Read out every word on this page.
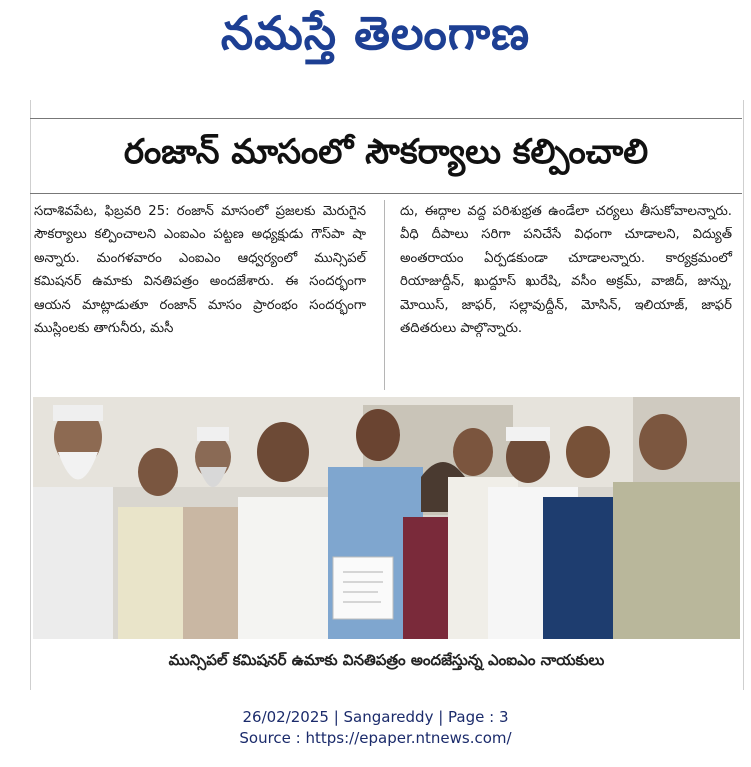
నమస్తే తెలంగాణ
రంజాన్ మాసంలో సౌకర్యాలు కల్పించాలి
సదాశివపేట, ఫిబ్రవరి 25: రంజాన్ మాసంలో ప్రజలకు మెరుగైన సౌకర్యాలు కల్పించాలని ఎంఐఎం పట్టణ అధ్యక్షుడు గౌస్‌పా షా అన్నారు. మంగళవారం ఎంఐఎం ఆధ్వర్యంలో మున్సిపల్ కమిషనర్ ఉమాకు వినతిపత్రం అందజేశారు. ఈ సందర్భంగా ఆయన మాట్లాడుతూ రంజాన్ మాసం ప్రారంభం సందర్భంగా ముస్లింలకు తాగునీరు, మసీ
దు, ఈద్గాల వద్ద పరిశుభ్రత ఉండేలా చర్యలు తీసుకోవాలన్నారు. వీధి దీపాలు సరిగా పనిచేసే విధంగా చూడాలని, విద్యుత్ అంతరాయం ఏర్పడకుండా చూడాలన్నారు. కార్యక్రమంలో రియాజుద్దీన్, ఖుద్దూస్ ఖురేషి, వసీం అక్రమ్, వాజిద్, జున్ను, మోయిస్, జాఫర్, సల్లావుద్దీన్, మోసిన్, ఇలియాజ్, జాఫర్ తదితరులు పాల్గొన్నారు.
మున్సిపల్ కమిషనర్ ఉమాకు వినతిపత్రం అందజేస్తున్న ఎంఐఎం నాయకులు
26/02/2025 | Sangareddy | Page : 3
Source : https://epaper.ntnews.com/
